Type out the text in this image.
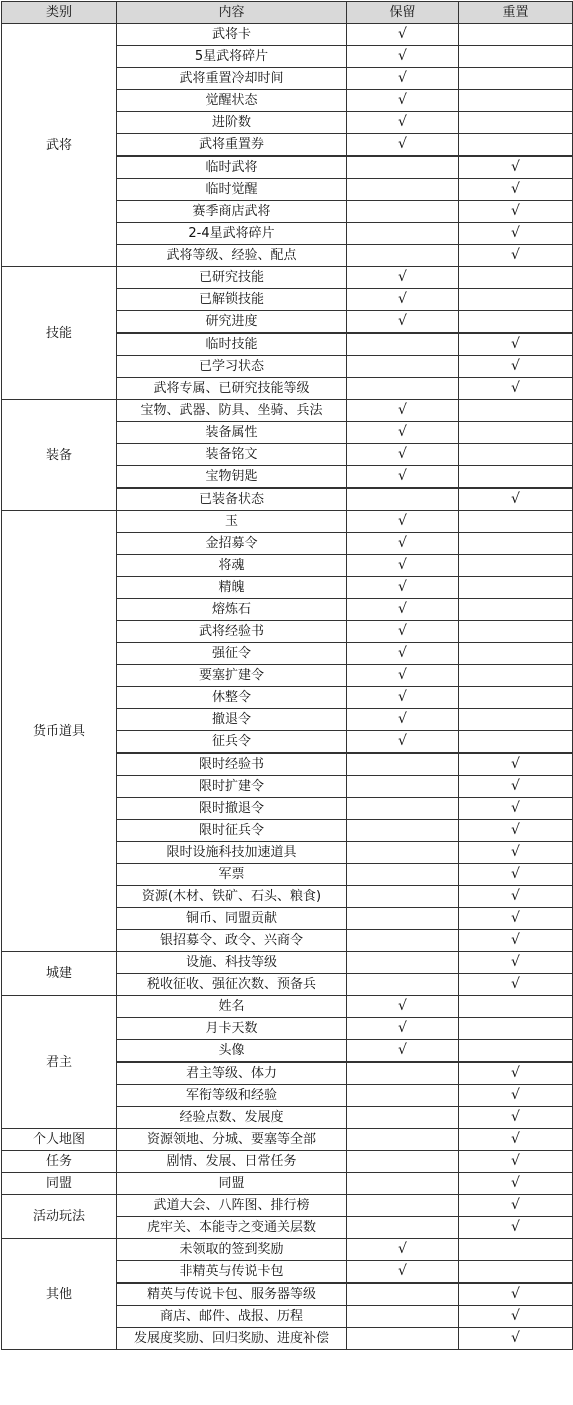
类别	内容	保留	重置
武将	武将卡	√	
	5星武将碎片	√	
	武将重置冷却时间	√	
	觉醒状态	√	
	进阶数	√	
	武将重置券	√	
	临时武将		√
	临时觉醒		√
	赛季商店武将		√
	2-4星武将碎片		√
	武将等级、经验、配点		√
技能	已研究技能	√	
	已解锁技能	√	
	研究进度	√	
	临时技能		√
	已学习状态		√
	武将专属、已研究技能等级		√
装备	宝物、武器、防具、坐骑、兵法	√	
	装备属性	√	
	装备铭文	√	
	宝物钥匙	√	
	已装备状态		√
货币道具	玉	√	
	金招募令	√	
	将魂	√	
	精魄	√	
	熔炼石	√	
	武将经验书	√	
	强征令	√	
	要塞扩建令	√	
	休整令	√	
	撤退令	√	
	征兵令	√	
	限时经验书		√
	限时扩建令		√
	限时撤退令		√
	限时征兵令		√
	限时设施科技加速道具		√
	军票		√
	资源(木材、铁矿、石头、粮食)		√
	铜币、同盟贡献		√
	银招募令、政令、兴商令		√
城建	设施、科技等级		√
	税收征收、强征次数、预备兵		√
君主	姓名	√	
	月卡天数	√	
	头像	√	
	君主等级、体力		√
	军衔等级和经验		√
	经验点数、发展度		√
个人地图	资源领地、分城、要塞等全部		√
任务	剧情、发展、日常任务		√
同盟	同盟		√
活动玩法	武道大会、八阵图、排行榜		√
	虎牢关、本能寺之变通关层数		√
其他	未领取的签到奖励	√	
	非精英与传说卡包	√	
	精英与传说卡包、服务器等级		√
	商店、邮件、战报、历程		√
	发展度奖励、回归奖励、进度补偿		√
